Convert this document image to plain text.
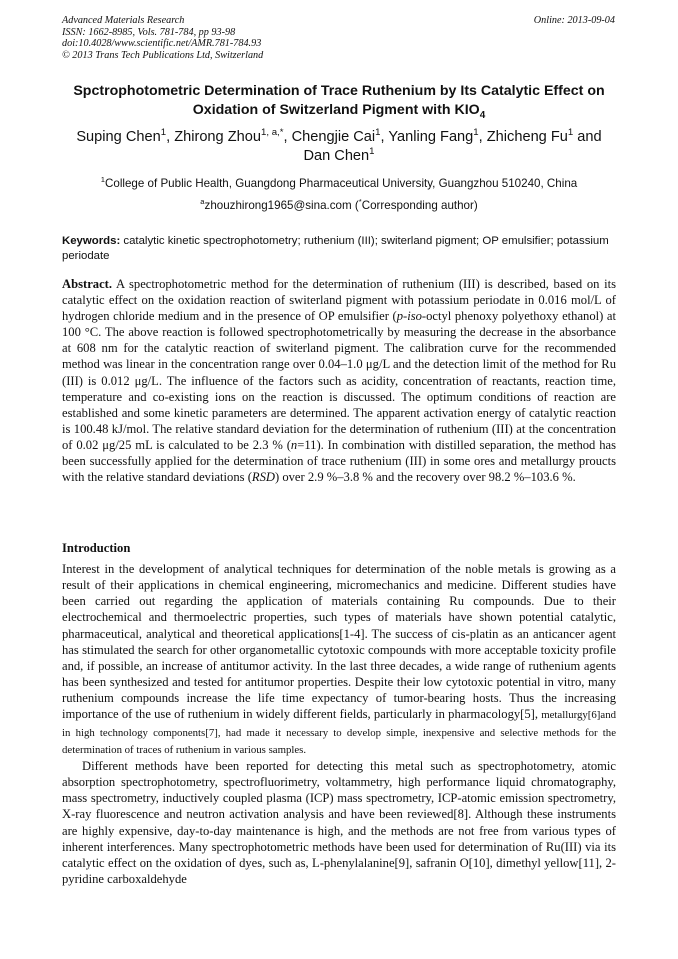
Advanced Materials Research
ISSN: 1662-8985, Vols. 781-784, pp 93-98
doi:10.4028/www.scientific.net/AMR.781-784.93
© 2013 Trans Tech Publications Ltd, Switzerland
Online: 2013-09-04
Spctrophotometric Determination of Trace Ruthenium by Its Catalytic Effect on Oxidation of Switzerland Pigment with $KIO_4$
Suping Chen$^1$, Zhirong Zhou$^{1, a,*}$, Chengjie Cai$^1$, Yanling Fang$^1$, Zhicheng Fu$^1$ and
Dan Chen$^1$
$^1$College of Public Health, Guangdong Pharmaceutical University, Guangzhou 510240, China
$^a$zhouzhirong1965@sina.com (*Corresponding author)
Keywords: catalytic kinetic spectrophotometry; ruthenium (III); switerland pigment; OP emulsifier; potassium periodate
Abstract. A spectrophotometric method for the determination of ruthenium (III) is described, based on its catalytic effect on the oxidation reaction of switerland pigment with potassium periodate in 0.016 mol/L of hydrogen chloride medium and in the presence of OP emulsifier (p-iso-octyl phenoxy polyethoxy ethanol) at 100 °C. The above reaction is followed spectrophotometrically by measuring the decrease in the absorbance at 608 nm for the catalytic reaction of switerland pigment. The calibration curve for the recommended method was linear in the concentration range over 0.04–1.0 μg/L and the detection limit of the method for Ru (III) is 0.012 μg/L. The influence of the factors such as acidity, concentration of reactants, reaction time, temperature and co-existing ions on the reaction is discussed. The optimum conditions of reaction are established and some kinetic parameters are determined. The apparent activation energy of catalytic reaction is 100.48 kJ/mol. The relative standard deviation for the determination of ruthenium (III) at the concentration of 0.02 μg/25 mL is calculated to be 2.3 % (n=11). In combination with distilled separation, the method has been successfully applied for the determination of trace ruthenium (III) in some ores and metallurgy proucts with the relative standard deviations (RSD) over 2.9 %–3.8 % and the recovery over 98.2 %–103.6 %.
Introduction

Interest in the development of analytical techniques for determination of the noble metals is growing as a result of their applications in chemical engineering, micromechanics and medicine. Different studies have been carried out regarding the application of materials containing Ru compounds. Due to their electrochemical and thermoelectric properties, such types of materials have shown potential catalytic, pharmaceutical, analytical and theoretical applications[1-4]. The success of cis-platin as an anticancer agent has stimulated the search for other organometallic cytotoxic compounds with more acceptable toxicity profile and, if possible, an increase of antitumor activity. In the last three decades, a wide range of ruthenium agents has been synthesized and tested for antitumor properties. Despite their low cytotoxic potential in vitro, many ruthenium compounds increase the life time expectancy of tumor-bearing hosts. Thus the increasing importance of the use of ruthenium in widely different fields, particularly in pharmacology[5], metallurgy[6]and in high technology components[7], had made it necessary to develop simple, inexpensive and selective methods for the determination of traces of ruthenium in various samples.

Different methods have been reported for detecting this metal such as spectrophotometry, atomic absorption spectrophotometry, spectrofluorimetry, voltammetry, high performance liquid chromatography, mass spectrometry, inductively coupled plasma (ICP) mass spectrometry, ICP-atomic emission spectrometry, X-ray fluorescence and neutron activation analysis and have been reviewed[8]. Although these instruments are highly expensive, day-to-day maintenance is high, and the methods are not free from various types of inherent interferences. Many spectrophotometric methods have been used for determination of Ru(III) via its catalytic effect on the oxidation of dyes, such as, L-phenylalanine[9], safranin O[10], dimethyl yellow[11], 2-pyridine carboxaldehyde
